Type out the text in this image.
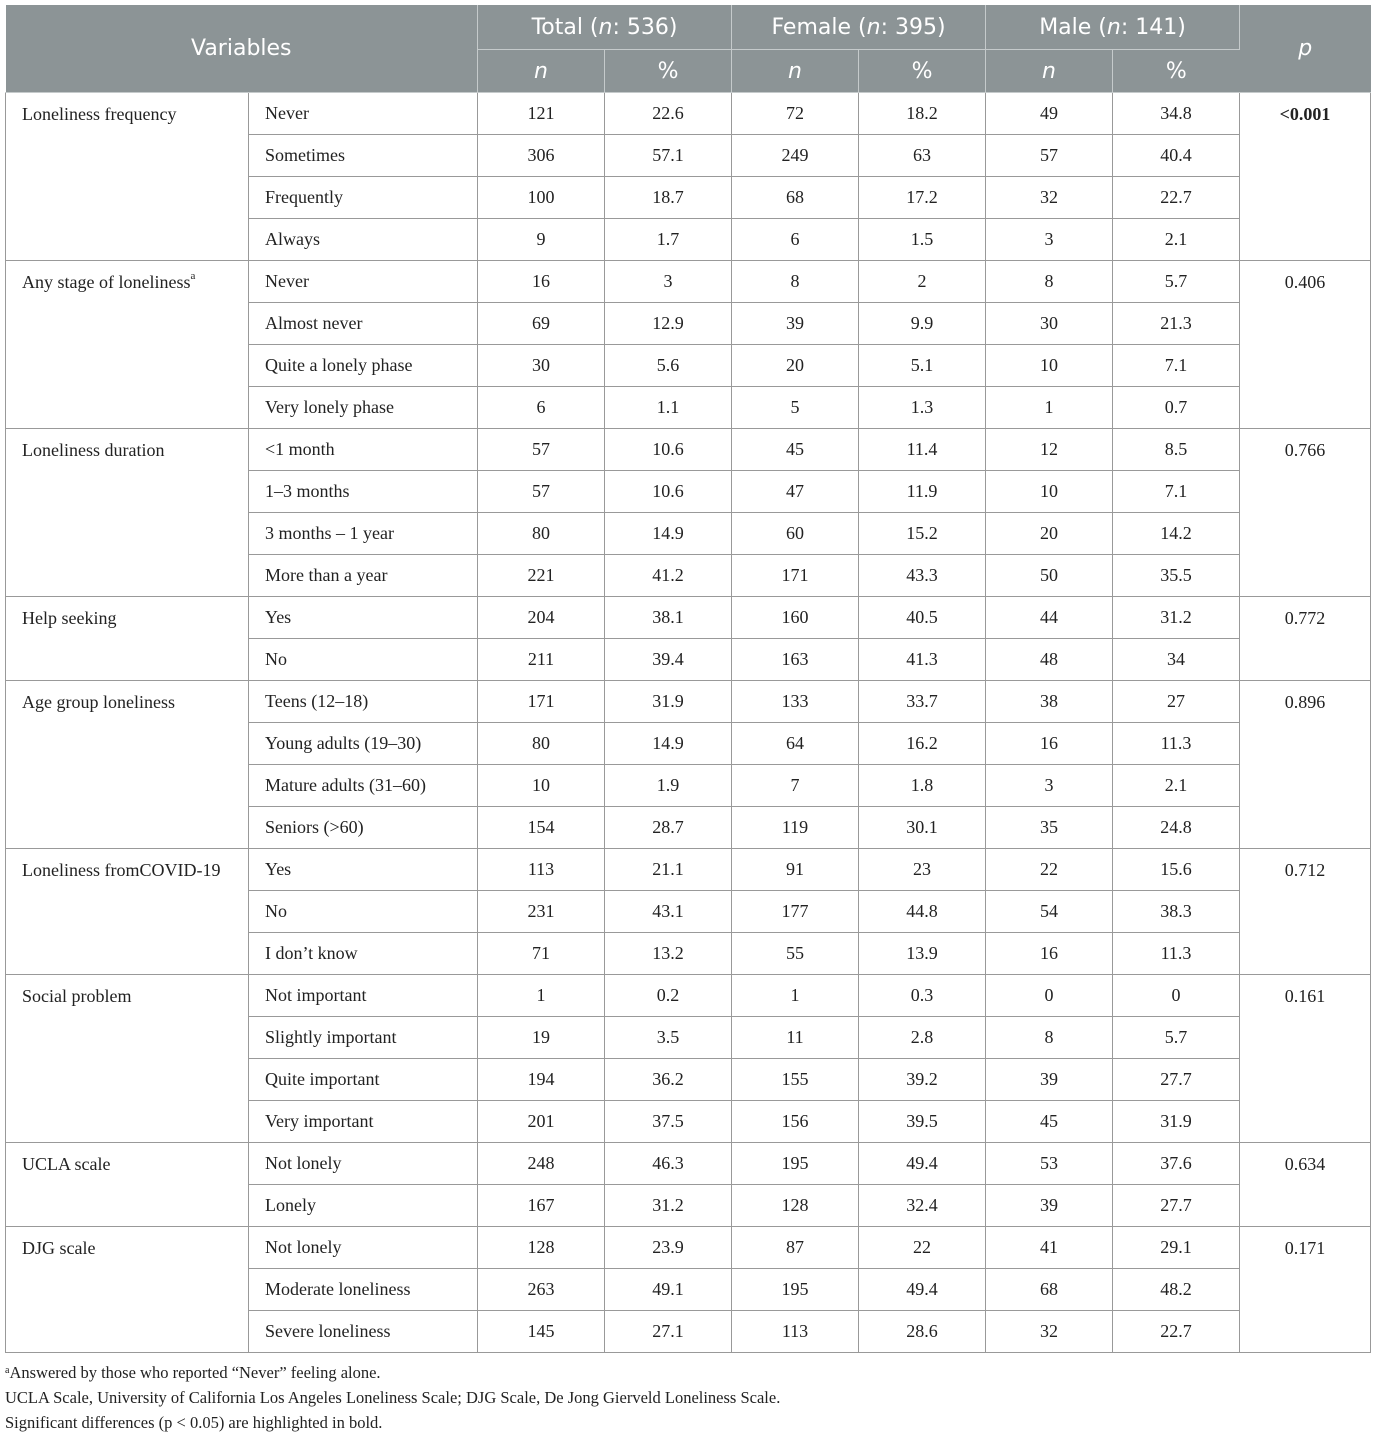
Variables		Total (n: 536)		Female (n: 395)		Male (n: 141)		p
		n	%	n	%	n	%	
Loneliness frequency	Never	121	22.6	72	18.2	49	34.8	<0.001
	Sometimes	306	57.1	249	63	57	40.4	
	Frequently	100	18.7	68	17.2	32	22.7	
	Always	9	1.7	6	1.5	3	2.1	
Any stage of loneliness$^a$	Never	16	3	8	2	8	5.7	0.406
	Almost never	69	12.9	39	9.9	30	21.3	
	Quite a lonely phase	30	5.6	20	5.1	10	7.1	
	Very lonely phase	6	1.1	5	1.3	1	0.7	
Loneliness duration	<1 month	57	10.6	45	11.4	12	8.5	0.766
	1–3 months	57	10.6	47	11.9	10	7.1	
	3 months – 1 year	80	14.9	60	15.2	20	14.2	
	More than a year	221	41.2	171	43.3	50	35.5	
Help seeking	Yes	204	38.1	160	40.5	44	31.2	0.772
	No	211	39.4	163	41.3	48	34	
Age group loneliness	Teens (12–18)	171	31.9	133	33.7	38	27	0.896
	Young adults (19–30)	80	14.9	64	16.2	16	11.3	
	Mature adults (31–60)	10	1.9	7	1.8	3	2.1	
	Seniors (>60)	154	28.7	119	30.1	35	24.8	
Loneliness fromCOVID-19	Yes	113	21.1	91	23	22	15.6	0.712
	No	231	43.1	177	44.8	54	38.3	
	I don’t know	71	13.2	55	13.9	16	11.3	
Social problem	Not important	1	0.2	1	0.3	0	0	0.161
	Slightly important	19	3.5	11	2.8	8	5.7	
	Quite important	194	36.2	155	39.2	39	27.7	
	Very important	201	37.5	156	39.5	45	31.9	
UCLA scale	Not lonely	248	46.3	195	49.4	53	37.6	0.634
	Lonely	167	31.2	128	32.4	39	27.7	
DJG scale	Not lonely	128	23.9	87	22	41	29.1	0.171
	Moderate loneliness	263	49.1	195	49.4	68	48.2	
	Severe loneliness	145	27.1	113	28.6	32	22.7	
$^a$Answered by those who reported “Never” feeling alone.
UCLA Scale, University of California Los Angeles Loneliness Scale; DJG Scale, De Jong Gierveld Loneliness Scale.
Significant differences (p < 0.05) are highlighted in bold.
